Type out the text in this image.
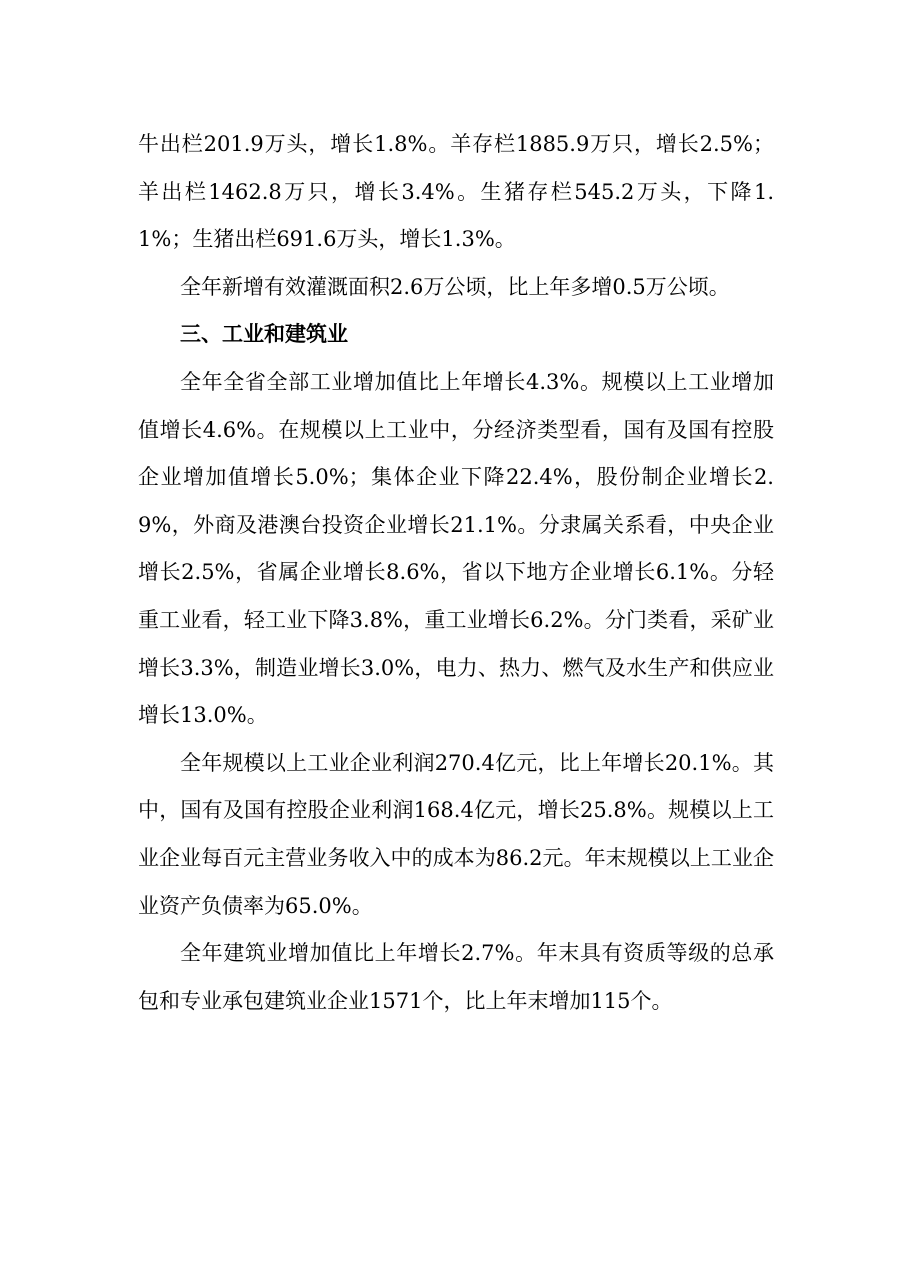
牛出栏201.9万头，增长1.8%。羊存栏1885.9万只，增长2.5%；羊出栏1462.8万只，增长3.4%。生猪存栏545.2万头，下降1.1%；生猪出栏691.6万头，增长1.3%。

全年新增有效灌溉面积2.6万公顷，比上年多增0.5万公顷。

三、工业和建筑业

全年全省全部工业增加值比上年增长4.3%。规模以上工业增加值增长4.6%。在规模以上工业中，分经济类型看，国有及国有控股企业增加值增长5.0%；集体企业下降22.4%，股份制企业增长2.9%，外商及港澳台投资企业增长21.1%。分隶属关系看，中央企业增长2.5%，省属企业增长8.6%，省以下地方企业增长6.1%。分轻重工业看，轻工业下降3.8%，重工业增长6.2%。分门类看，采矿业增长3.3%，制造业增长3.0%，电力、热力、燃气及水生产和供应业增长13.0%。

全年规模以上工业企业利润270.4亿元，比上年增长20.1%。其中，国有及国有控股企业利润168.4亿元，增长25.8%。规模以上工业企业每百元主营业务收入中的成本为86.2元。年末规模以上工业企业资产负债率为65.0%。

全年建筑业增加值比上年增长2.7%。年末具有资质等级的总承包和专业承包建筑业企业1571个，比上年末增加115个。
